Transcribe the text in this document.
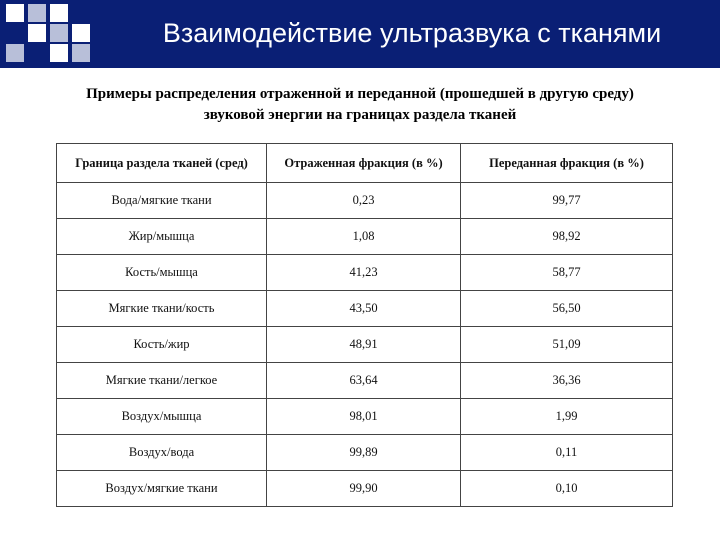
Взаимодействие ультразвука с тканями
Примеры распределения отраженной и переданной (прошедшей в другую среду)
звуковой энергии на границах раздела тканей
Граница раздела тканей (сред)	Отраженная фракция (в %)	Переданная фракция (в %)
Вода/мягкие ткани	0,23	99,77
Жир/мышца	1,08	98,92
Кость/мышца	41,23	58,77
Мягкие ткани/кость	43,50	56,50
Кость/жир	48,91	51,09
Мягкие ткани/легкое	63,64	36,36
Воздух/мышца	98,01	1,99
Воздух/вода	99,89	0,11
Воздух/мягкие ткани	99,90	0,10
